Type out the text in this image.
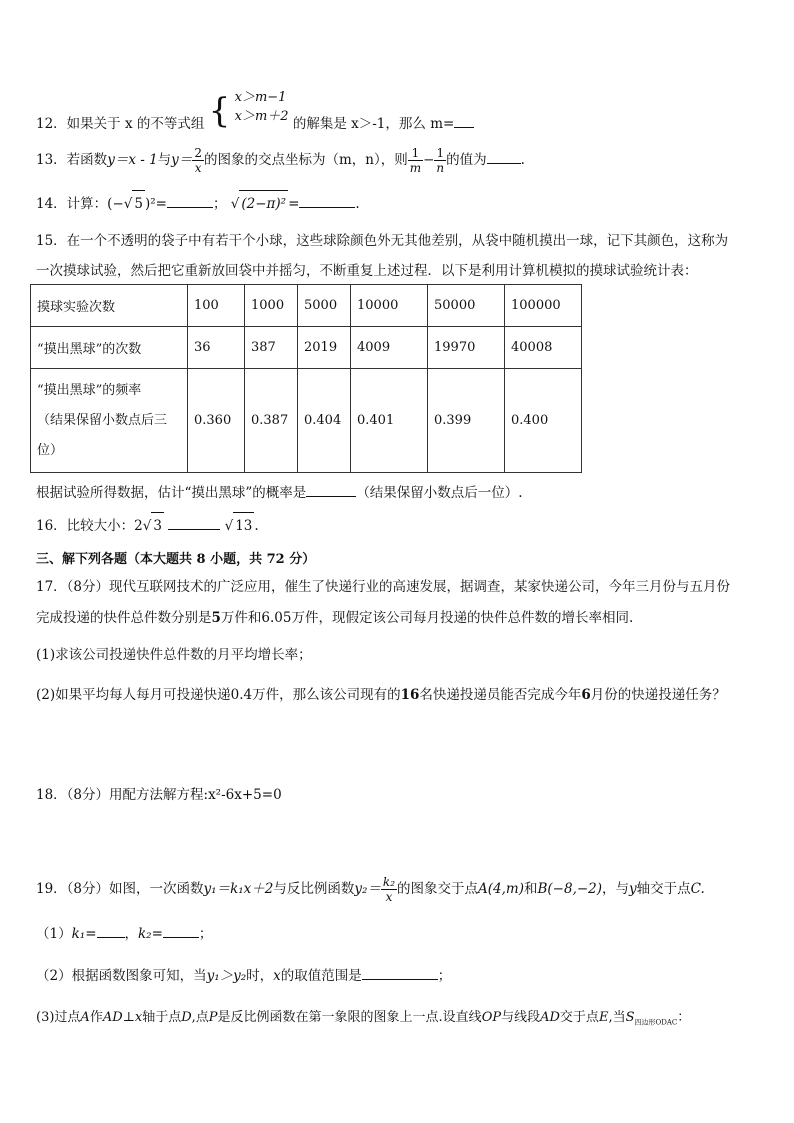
12．如果关于 x 的不等式组 { x＞m−1
x＞m＋2 的解集是 x＞-1，那么 m=
13．若函数y＝x - 1与$y= \frac{2}{x}$ 的图象的交点坐标为（m，n），则 $\frac{1}{m} - \frac{1}{n}$ 的值为	.
14．计算：(−√ 5 )²=	； √ (2−π)² =	.
15．在一个不透明的袋子中有若干个小球，这些球除颜色外无其他差别，从袋中随机摸出一球，记下其颜色，这称为
一次摸球试验，然后把它重新放回袋中并摇匀，不断重复上述过程．以下是利用计算机模拟的摸球试验统计表：
摸球实验次数	100	1000	5000	10000	50000	100000
“摸出黑球”的次数	36	387	2019	4009	19970	40008

“摸出黑球”的频率
（结果保留小数点后三
位）	0.360	0.387	0.404	0.401	0.399	0.400
根据试验所得数据，估计“摸出黑球”的概率是	（结果保留小数点后一位）.
16．比较大小：2√ 3	√ 13 .
三、解下列各题（本大题共 8 小题，共 72 分）
17．（8分）现代互联网技术的广泛应用，催生了快递行业的高速发展，据调查，某家快递公司，今年三月份与五月份
完成投递的快件总件数分别是5万件和6.05万件，现假定该公司每月投递的快件总件数的增长率相同.
(1)求该公司投递快件总件数的月平均增长率；
(2)如果平均每人每月可投递快递0.4万件，那么该公司现有的16名快递投递员能否完成今年6月份的快递投递任务？
18．（8分）用配方法解方程:x²-6x+5=0
19．（8分）如图，一次函数y₁＝k₁x＋2与反比例函数$y_2= \frac{\text{k₂}}{x}$ 的图象交于点A(4,m)和B(−8,−2)，与y轴交于点C.
（1）k₁= ，k₂=	；
（2）根据函数图象可知，当y₁＞y₂时，x的取值范围是	；
(3)过点A作AD⊥x轴于点D,点P是反比例函数在第一象限的图象上一点.设直线OP与线段AD交于点E,当$S_{四边形ODAC}$：
